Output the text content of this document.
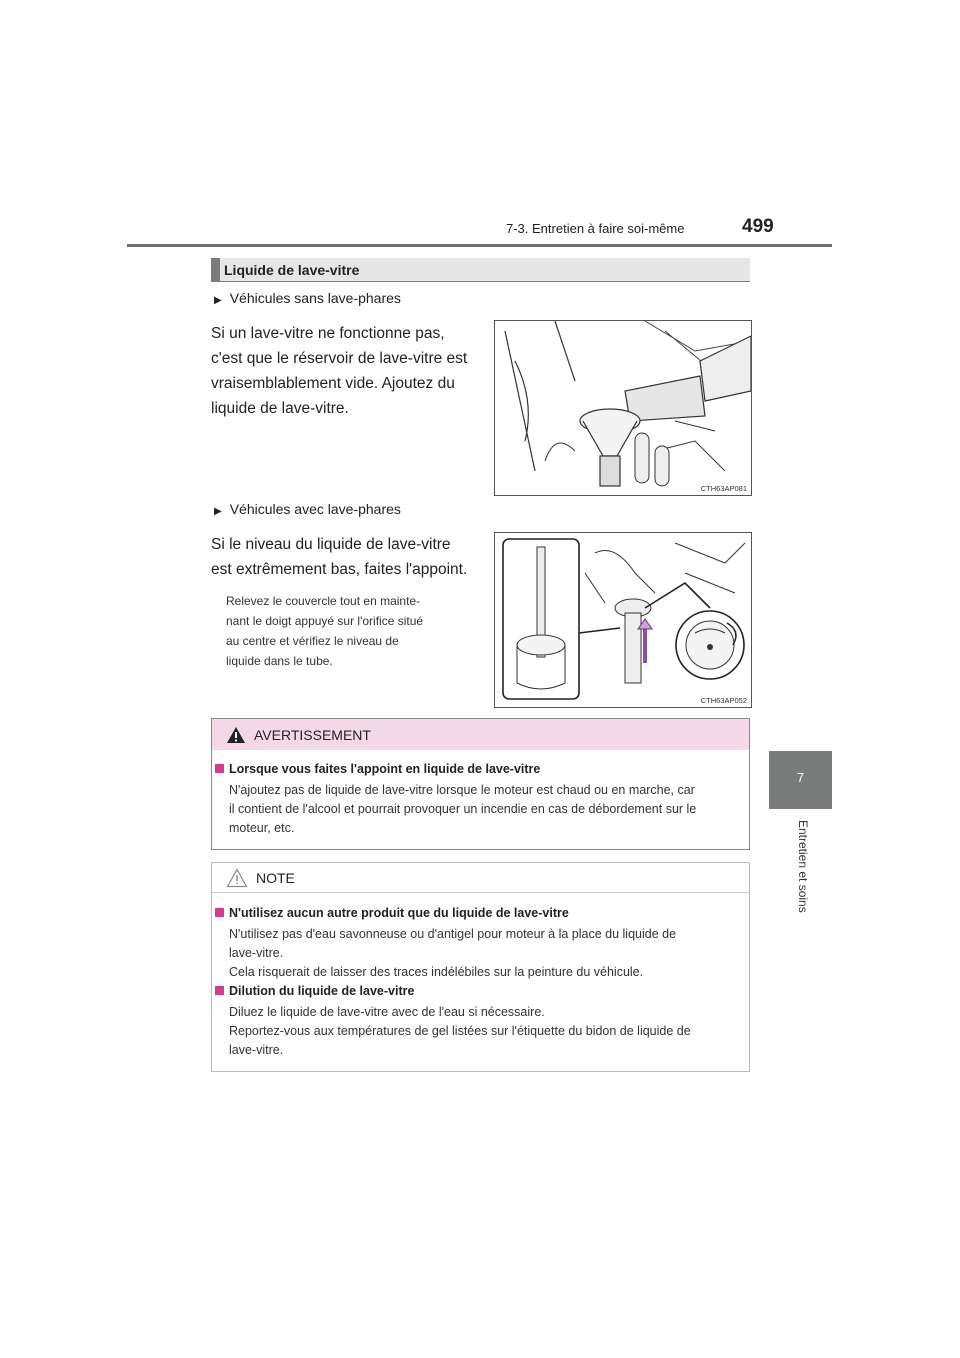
7-3. Entretien à faire soi-même	499
7
Entretien et soins
Liquide de lave-vitre
▶ Véhicules sans lave-phares
Si un lave-vitre ne fonctionne pas,
c'est que le réservoir de lave-vitre est
vraisemblablement vide. Ajoutez du
liquide de lave-vitre.
CTH63AP081
▶ Véhicules avec lave-phares
Si le niveau du liquide de lave-vitre
est extrêmement bas, faites l'appoint.
Relevez le couvercle tout en mainte-
nant le doigt appuyé sur l'orifice situé
au centre et vérifiez le niveau de
liquide dans le tube.
CTH63AP052
AVERTISSEMENT
Lorsque vous faites l'appoint en liquide de lave-vitre
N'ajoutez pas de liquide de lave-vitre lorsque le moteur est chaud ou en marche, car
il contient de l'alcool et pourrait provoquer un incendie en cas de débordement sur le
moteur, etc.
NOTE
N'utilisez aucun autre produit que du liquide de lave-vitre
N'utilisez pas d'eau savonneuse ou d'antigel pour moteur à la place du liquide de
lave-vitre.
Cela risquerait de laisser des traces indélébiles sur la peinture du véhicule.
Dilution du liquide de lave-vitre
Diluez le liquide de lave-vitre avec de l'eau si nécessaire.
Reportez-vous aux températures de gel listées sur l'étiquette du bidon de liquide de
lave-vitre.
